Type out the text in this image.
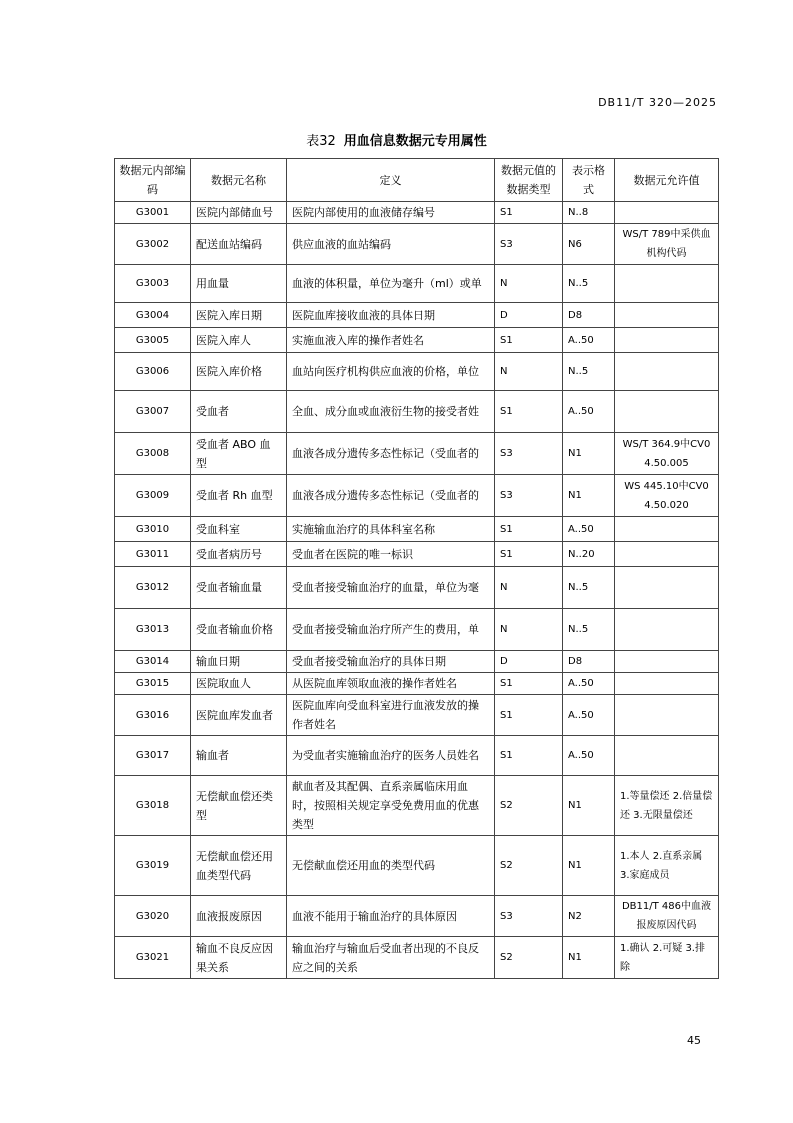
DB11/T 320—2025
表32 用血信息数据元专用属性
数据元内部编码	数据元名称	定义	数据元值的数据类型	表示格式	数据元允许值
G3001	医院内部储血号	医院内部使用的血液储存编号	S1	N..8	
G3002	配送血站编码	供应血液的血站编码	S3	N6	WS/T 789中采供血机构代码
G3003	用血量	血液的体积量，单位为毫升（ml）或单	N	N..5	
G3004	医院入库日期	医院血库接收血液的具体日期	D	D8	
G3005	医院入库人	实施血液入库的操作者姓名	S1	A..50	
G3006	医院入库价格	血站向医疗机构供应血液的价格，单位	N	N..5	
G3007	受血者	全血、成分血或血液衍生物的接受者姓	S1	A..50	
G3008	受血者 ABO 血型	血液各成分遗传多态性标记（受血者的	S3	N1	WS/T 364.9中CV04.50.005
G3009	受血者 Rh 血型	血液各成分遗传多态性标记（受血者的	S3	N1	WS 445.10中CV04.50.020
G3010	受血科室	实施输血治疗的具体科室名称	S1	A..50	
G3011	受血者病历号	受血者在医院的唯一标识	S1	N..20	
G3012	受血者输血量	受血者接受输血治疗的血量，单位为毫	N	N..5	
G3013	受血者输血价格	受血者接受输血治疗所产生的费用，单	N	N..5	
G3014	输血日期	受血者接受输血治疗的具体日期	D	D8	
G3015	医院取血人	从医院血库领取血液的操作者姓名	S1	A..50	
G3016	医院血库发血者	医院血库向受血科室进行血液发放的操作者姓名	S1	A..50	
G3017	输血者	为受血者实施输血治疗的医务人员姓名	S1	A..50	
G3018	无偿献血偿还类型	献血者及其配偶、直系亲属临床用血时，按照相关规定享受免费用血的优惠 类型	S2	N1	1.等量偿还 2.倍量偿还 3.无限量偿还
G3019	无偿献血偿还用血类型代码	无偿献血偿还用血的类型代码	S2	N1	1.本人 2.直系亲属 3.家庭成员
G3020	血液报废原因	血液不能用于输血治疗的具体原因	S3	N2	DB11/T 486中血液报废原因代码
G3021	输血不良反应因果关系	输血治疗与输血后受血者出现的不良反应之间的关系	S2	N1	1.确认 2.可疑 3.排除
45
